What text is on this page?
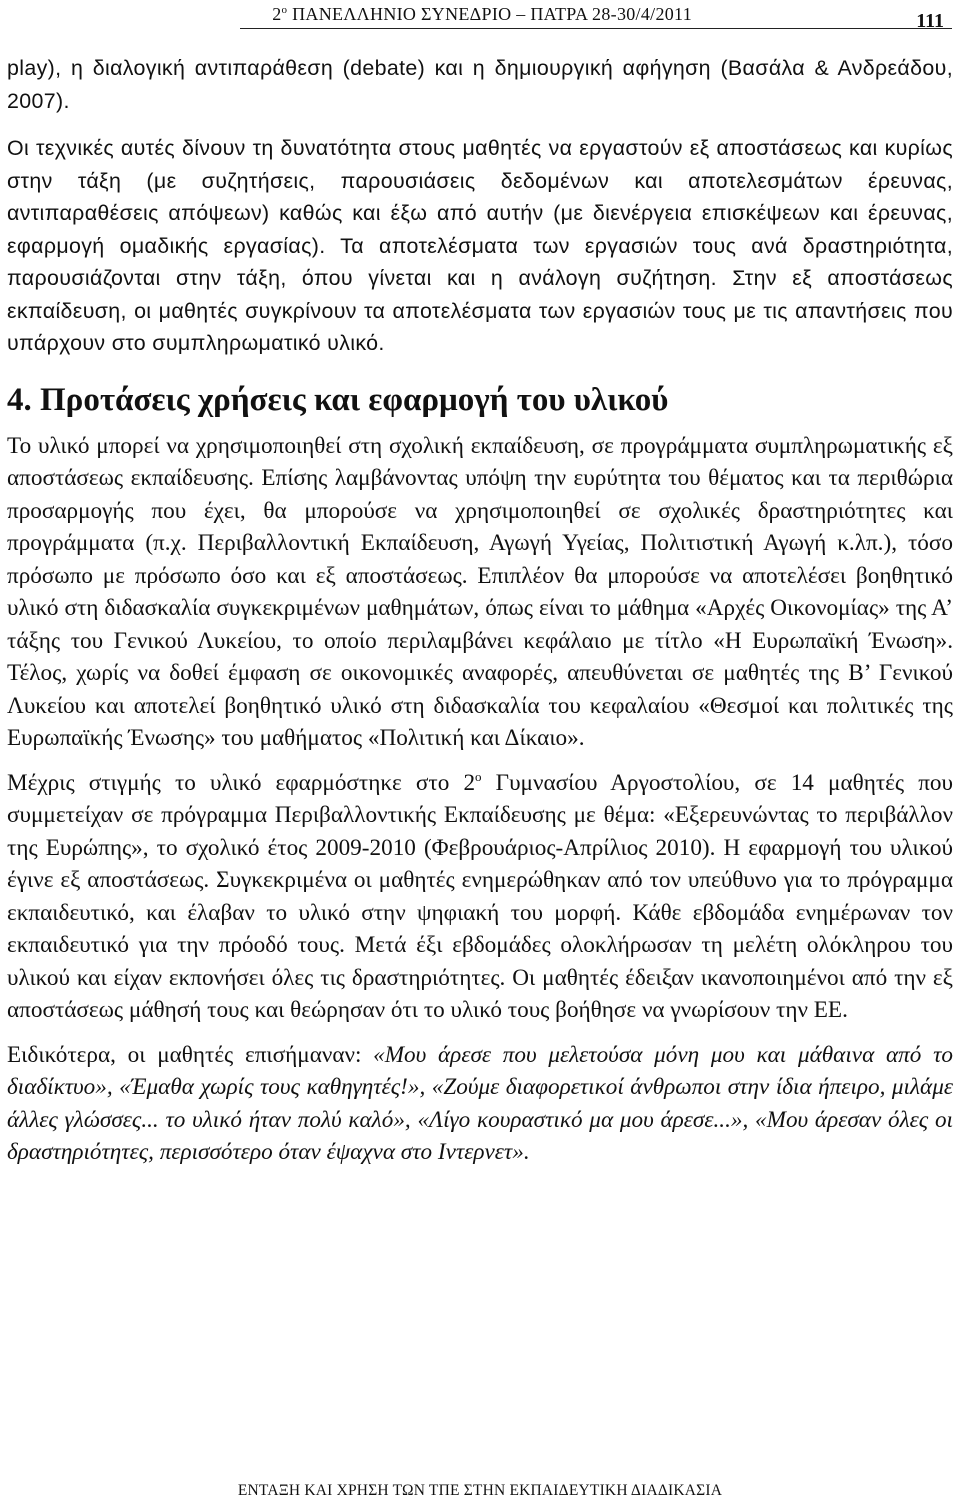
$2^o$ ΠΑΝΕΛΛΗΝΙΟ ΣΥΝΕΔΡΙΟ – ΠΑΤΡΑ 28-30/4/2011	111

play), η διαλογική αντιπαράθεση (debate) και η δημιουργική αφήγηση (Βασάλα & Ανδρεάδου, 2007).

Οι τεχνικές αυτές δίνουν τη δυνατότητα στους μαθητές να εργαστούν εξ αποστάσεως και κυρίως στην τάξη (με συζητήσεις, παρουσιάσεις δεδομένων και αποτελεσμάτων έρευνας, αντιπαραθέσεις απόψεων) καθώς και έξω από αυτήν (με διενέργεια επισκέψεων και έρευνας, εφαρμογή ομαδικής εργασίας). Τα αποτελέσματα των εργασιών τους ανά δραστηριότητα, παρουσιάζονται στην τάξη, όπου γίνεται και η ανάλογη συζήτηση. Στην εξ αποστάσεως εκπαίδευση, οι μαθητές συγκρίνουν τα αποτελέσματα των εργασιών τους με τις απαντήσεις που υπάρχουν στο συμπληρωματικό υλικό.

4. Προτάσεις χρήσεις και εφαρμογή του υλικού

Το υλικό μπορεί να χρησιμοποιηθεί στη σχολική εκπαίδευση, σε προγράμματα συμπληρωματικής εξ αποστάσεως εκπαίδευσης. Επίσης λαμβάνοντας υπόψη την ευρύτητα του θέματος και τα περιθώρια προσαρμογής που έχει, θα μπορούσε να χρησιμοποιηθεί σε σχολικές δραστηριότητες και προγράμματα (π.χ. Περιβαλλοντική Εκπαίδευση, Αγωγή Υγείας, Πολιτιστική Αγωγή κ.λπ.), τόσο πρόσωπο με πρόσωπο όσο και εξ αποστάσεως. Επιπλέον θα μπορούσε να αποτελέσει βοηθητικό υλικό στη διδασκαλία συγκεκριμένων μαθημάτων, όπως είναι το μάθημα «Αρχές Οικονομίας» της Α’ τάξης του Γενικού Λυκείου, το οποίο περιλαμβάνει κεφάλαιο με τίτλο «Η Ευρωπαϊκή Ένωση». Τέλος, χωρίς να δοθεί έμφαση σε οικονομικές αναφορές, απευθύνεται σε μαθητές της Β’ Γενικού Λυκείου και αποτελεί βοηθητικό υλικό στη διδασκαλία του κεφαλαίου «Θεσμοί και πολιτικές της Ευρωπαϊκής Ένωσης» του μαθήματος «Πολιτική και Δίκαιο».

Μέχρις στιγμής το υλικό εφαρμόστηκε στο $2^o$ Γυμνασίου Αργοστολίου, σε 14 μαθητές που συμμετείχαν σε πρόγραμμα Περιβαλλοντικής Εκπαίδευσης με θέμα: «Εξερευνώντας το περιβάλλον της Ευρώπης», το σχολικό έτος 2009-2010 (Φεβρουάριος-Απρίλιος 2010). Η εφαρμογή του υλικού έγινε εξ αποστάσεως. Συγκεκριμένα οι μαθητές ενημερώθηκαν από τον υπεύθυνο για το πρόγραμμα εκπαιδευτικό, και έλαβαν το υλικό στην ψηφιακή του μορφή. Κάθε εβδομάδα ενημέρωναν τον εκπαιδευτικό για την πρόοδό τους. Μετά έξι εβδομάδες ολοκλήρωσαν τη μελέτη ολόκληρου του υλικού και είχαν εκπονήσει όλες τις δραστηριότητες. Οι μαθητές έδειξαν ικανοποιημένοι από την εξ αποστάσεως μάθησή τους και θεώρησαν ότι το υλικό τους βοήθησε να γνωρίσουν την ΕΕ.

Ειδικότερα, οι μαθητές επισήμαναν: «Μου άρεσε που μελετούσα μόνη μου και μάθαινα από το διαδίκτυο», «Έμαθα χωρίς τους καθηγητές!», «Ζούμε διαφορετικοί άνθρωποι στην ίδια ήπειρο, μιλάμε άλλες γλώσσες... το υλικό ήταν πολύ καλό», «Λίγο κουραστικό μα μου άρεσε...», «Μου άρεσαν όλες οι δραστηριότητες, περισσότερο όταν έψαχνα στο Ιντερνετ».

ΕΝΤΑΞΗ ΚΑΙ ΧΡΗΣΗ ΤΩΝ ΤΠΕ ΣΤΗΝ ΕΚΠΑΙΔΕΥΤΙΚΗ ΔΙΑΔΙΚΑΣΙΑ
